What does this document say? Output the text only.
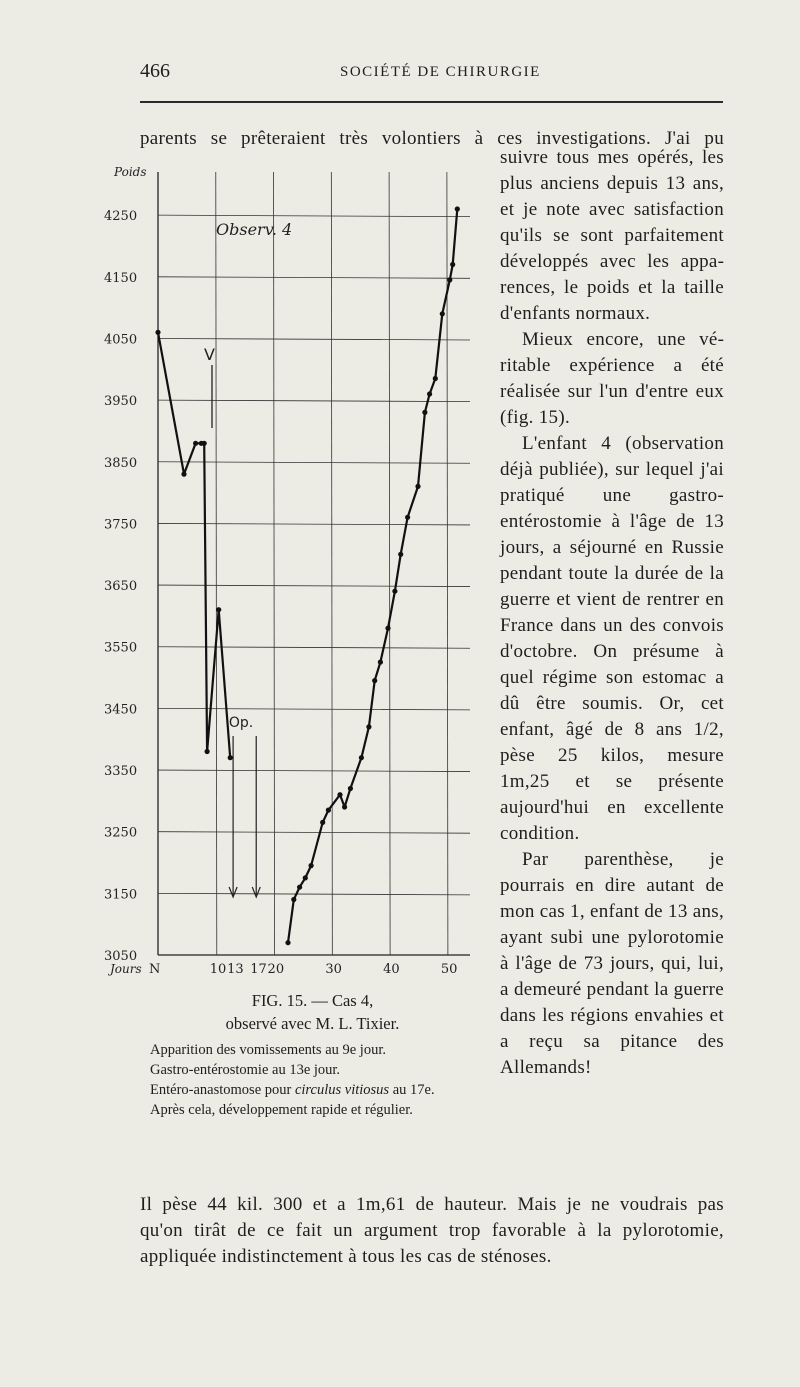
466	SOCIÉTÉ DE CHIRURGIE
parents se prêteraient très volontiers à ces investigations. J'ai pu
4250
4150
4050
3950
3850
3750
3650
3550
3450
3350
3250
3150
3050
10 13 17 20	30	40	50
Poids
Jours N
Observ. 4
V
Op.

suivre tous mes opérés, les plus anciens depuis 13 ans, et je note avec satisfaction qu'ils se sont parfaitement développés avec les apparences, le poids et la taille d'enfants normaux.

Mieux encore, une véritable expérience a été réalisée sur l'un d'entre eux (fig. 15).

L'enfant 4 (observation déjà publiée), sur lequel j'ai pratiqué une gastro-entérostomie à l'âge de 13 jours, a séjourné en Russie pendant toute la durée de la guerre et vient de rentrer en France dans un des convois d'octobre. On présume à quel régime son estomac a dû être soumis. Or, cet enfant, âgé de 8 ans 1/2, pèse 25 kilos, mesure 1m,25 et se présente aujourd'hui en excellente condition.

Par parenthèse, je pourrais en dire autant de mon cas 1, enfant de 13 ans, ayant subi une pylorotomie à l'âge de 73 jours, qui, lui, a demeuré pendant la guerre dans les régions envahies et a reçu sa pitance des Allemands!

FIG. 15. — Cas 4,
observé avec M. L. Tixier.

Apparition des vomissements au 9e jour.

Gastro-entérostomie au 13e jour.

Entéro-anastomose pour circulus vitiosus au 17e.

Après cela, développement rapide et régulier.

Il pèse 44 kil. 300 et a 1m,61 de hauteur. Mais je ne voudrais pas
qu'on tirât de ce fait un argument trop favorable à la pylorotomie,
appliquée indistinctement à tous les cas de sténoses.
